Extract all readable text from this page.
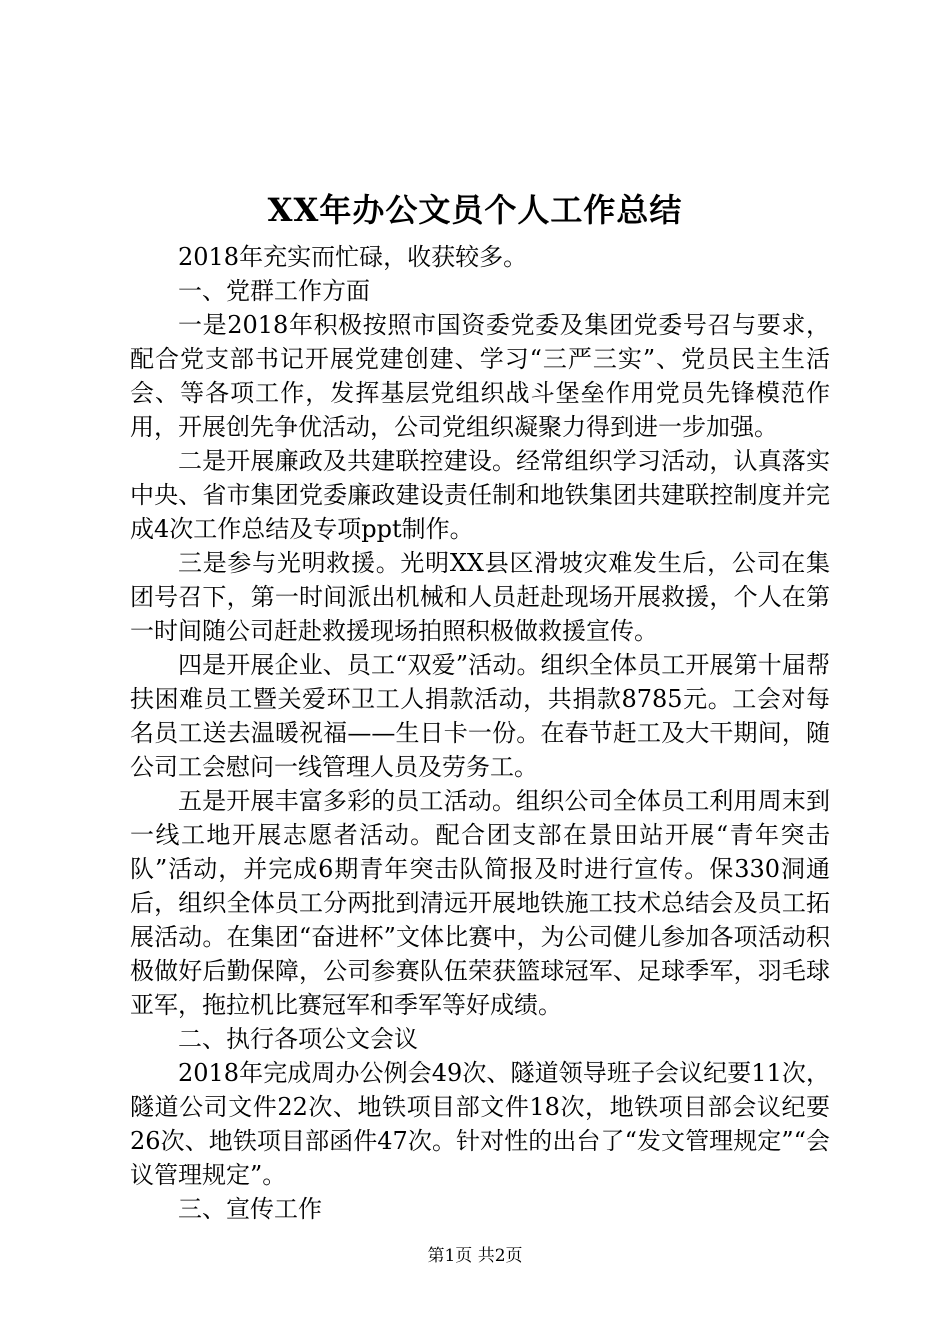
XX年办公文员个人工作总结

2018年充实而忙碌，收获较多。

一、党群工作方面

一是2018年积极按照市国资委党委及集团党委号召与要求，配合党支部书记开展党建创建、学习“三严三实”、党员民主生活会、等各项工作，发挥基层党组织战斗堡垒作用党员先锋模范作用，开展创先争优活动，公司党组织凝聚力得到进一步加强。

二是开展廉政及共建联控建设。经常组织学习活动，认真落实中央、省市集团党委廉政建设责任制和地铁集团共建联控制度并完成4次工作总结及专项ppt制作。

三是参与光明救援。光明XX县区滑坡灾难发生后，公司在集团号召下，第一时间派出机械和人员赶赴现场开展救援，个人在第一时间随公司赶赴救援现场拍照积极做救援宣传。

四是开展企业、员工“双爱”活动。组织全体员工开展第十届帮扶困难员工暨关爱环卫工人捐款活动，共捐款8785元。工会对每名员工送去温暖祝福——生日卡一份。在春节赶工及大干期间，随公司工会慰问一线管理人员及劳务工。

五是开展丰富多彩的员工活动。组织公司全体员工利用周末到一线工地开展志愿者活动。配合团支部在景田站开展“青年突击队”活动，并完成6期青年突击队简报及时进行宣传。保330洞通后，组织全体员工分两批到清远开展地铁施工技术总结会及员工拓展活动。在集团“奋进杯”文体比赛中，为公司健儿参加各项活动积极做好后勤保障，公司参赛队伍荣获篮球冠军、足球季军，羽毛球亚军，拖拉机比赛冠军和季军等好成绩。

二、执行各项公文会议

2018年完成周办公例会49次、隧道领导班子会议纪要11次，隧道公司文件22次、地铁项目部文件18次，地铁项目部会议纪要26次、地铁项目部函件47次。针对性的出台了“发文管理规定”“会议管理规定”。

三、宣传工作

第1页 共2页
